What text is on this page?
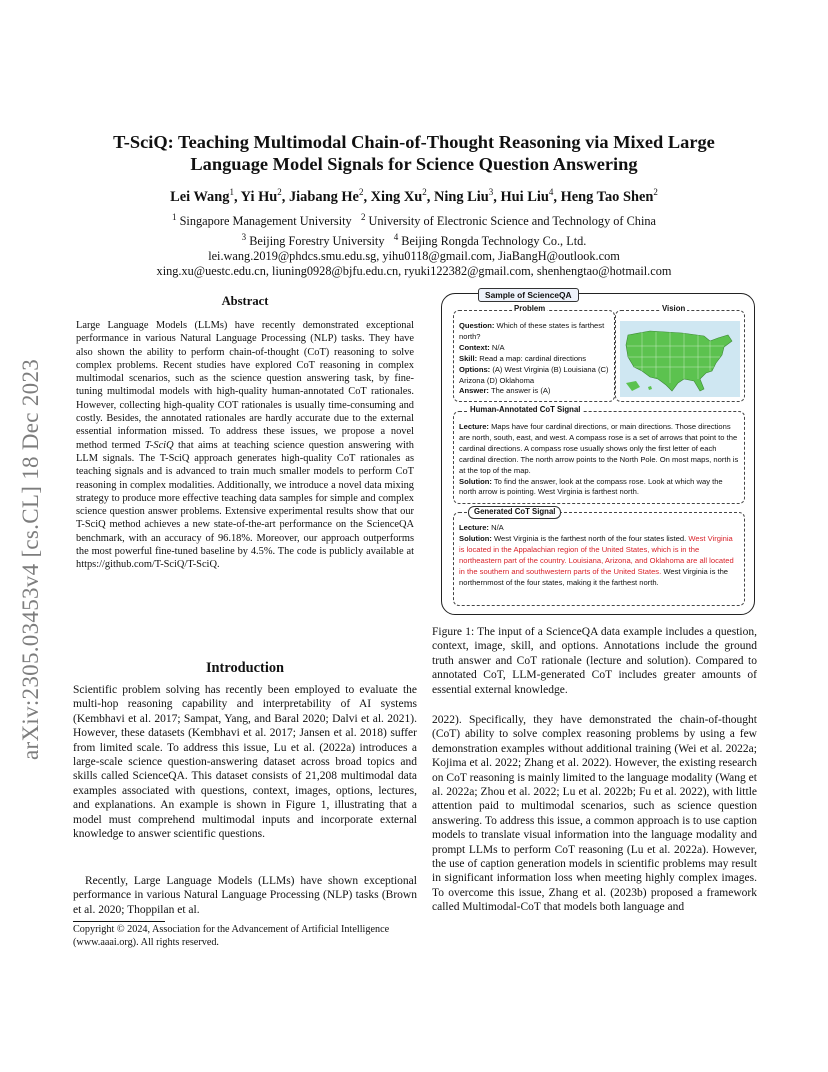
arXiv:2305.03453v4 [cs.CL] 18 Dec 2023
T-SciQ: Teaching Multimodal Chain-of-Thought Reasoning via Mixed Large
Language Model Signals for Science Question Answering
Lei Wang$^1$, Yi Hu$^2$, Jiabang He$^2$, Xing Xu$^2$, Ning Liu$^3$, Hui Liu$^4$, Heng Tao Shen$^2$
$^1$ Singapore Management University $^2$ University of Electronic Science and Technology of China
$^3$ Beijing Forestry University $^4$ Beijing Rongda Technology Co., Ltd.
lei.wang.2019@phdcs.smu.edu.sg, yihu0118@gmail.com, JiaBangH@outlook.com
xing.xu@uestc.edu.cn, liuning0928@bjfu.edu.cn, ryuki122382@gmail.com, shenhengtao@hotmail.com
Abstract
Large Language Models (LLMs) have recently demonstrated exceptional performance in various Natural Language Processing (NLP) tasks. They have also shown the ability to perform chain-of-thought (CoT) reasoning to solve complex problems. Recent studies have explored CoT reasoning in complex multimodal scenarios, such as the science question answering task, by fine-tuning multimodal models with high-quality human-annotated CoT rationales. However, collecting high-quality COT rationales is usually time-consuming and costly. Besides, the annotated rationales are hardly accurate due to the external essential information missed. To address these issues, we propose a novel method termed T-SciQ that aims at teaching science question answering with LLM signals. The T-SciQ approach generates high-quality CoT rationales as teaching signals and is advanced to train much smaller models to perform CoT reasoning in complex modalities. Additionally, we introduce a novel data mixing strategy to produce more effective teaching data samples for simple and complex science question answer problems. Extensive experimental results show that our T-SciQ method achieves a new state-of-the-art performance on the ScienceQA benchmark, with an accuracy of 96.18%. Moreover, our approach outperforms the most powerful fine-tuned baseline by 4.5%. The code is publicly available at https://github.com/T-SciQ/T-SciQ.
Introduction
Scientific problem solving has recently been employed to evaluate the multi-hop reasoning capability and interpretability of AI systems (Kembhavi et al. 2017; Sampat, Yang, and Baral 2020; Dalvi et al. 2021). However, these datasets (Kembhavi et al. 2017; Jansen et al. 2018) suffer from limited scale. To address this issue, Lu et al. (2022a) introduces a large-scale science question-answering dataset across broad topics and skills called ScienceQA. This dataset consists of 21,208 multimodal data examples associated with questions, context, images, options, lectures, and explanations. An example is shown in Figure 1, illustrating that a model must comprehend multimodal inputs and incorporate external knowledge to answer scientific questions.
Recently, Large Language Models (LLMs) have shown exceptional performance in various Natural Language Processing (NLP) tasks (Brown et al. 2020; Thoppilan et al.
Copyright © 2024, Association for the Advancement of Artificial Intelligence (www.aaai.org). All rights reserved.
Sample of ScienceQA
Problem
Question: Which of these states is farthest north?
Context: N/A
Skill: Read a map: cardinal directions
Options: (A) West Virginia (B) Louisiana (C) Arizona (D) Oklahoma
Answer: The answer is (A)
Vision
Human-Annotated CoT Signal
Lecture: Maps have four cardinal directions, or main directions. Those directions are north, south, east, and west. A compass rose is a set of arrows that point to the cardinal directions. A compass rose usually shows only the first letter of each cardinal direction. The north arrow points to the North Pole. On most maps, north is at the top of the map.
Solution: To find the answer, look at the compass rose. Look at which way the north arrow is pointing. West Virginia is farthest north.
Generated CoT Signal
Lecture: N/A
Solution: West Virginia is the farthest north of the four states listed. West Virginia is located in the Appalachian region of the United States, which is in the northeastern part of the country. Louisiana, Arizona, and Oklahoma are all located in the southern and southwestern parts of the United States. West Virginia is the northernmost of the four states, making it the farthest north.
Figure 1: The input of a ScienceQA data example includes a question, context, image, skill, and options. Annotations include the ground truth answer and CoT rationale (lecture and solution). Compared to annotated CoT, LLM-generated CoT includes greater amounts of essential external knowledge.
2022). Specifically, they have demonstrated the chain-of-thought (CoT) ability to solve complex reasoning problems by using a few demonstration examples without additional training (Wei et al. 2022a; Kojima et al. 2022; Zhang et al. 2022). However, the existing research on CoT reasoning is mainly limited to the language modality (Wang et al. 2022a; Zhou et al. 2022; Lu et al. 2022b; Fu et al. 2022), with little attention paid to multimodal scenarios, such as science question answering. To address this issue, a common approach is to use caption models to translate visual information into the language modality and prompt LLMs to perform CoT reasoning (Lu et al. 2022a). However, the use of caption generation models in scientific problems may result in significant information loss when meeting highly complex images. To overcome this issue, Zhang et al. (2023b) proposed a framework called Multimodal-CoT that models both language and
